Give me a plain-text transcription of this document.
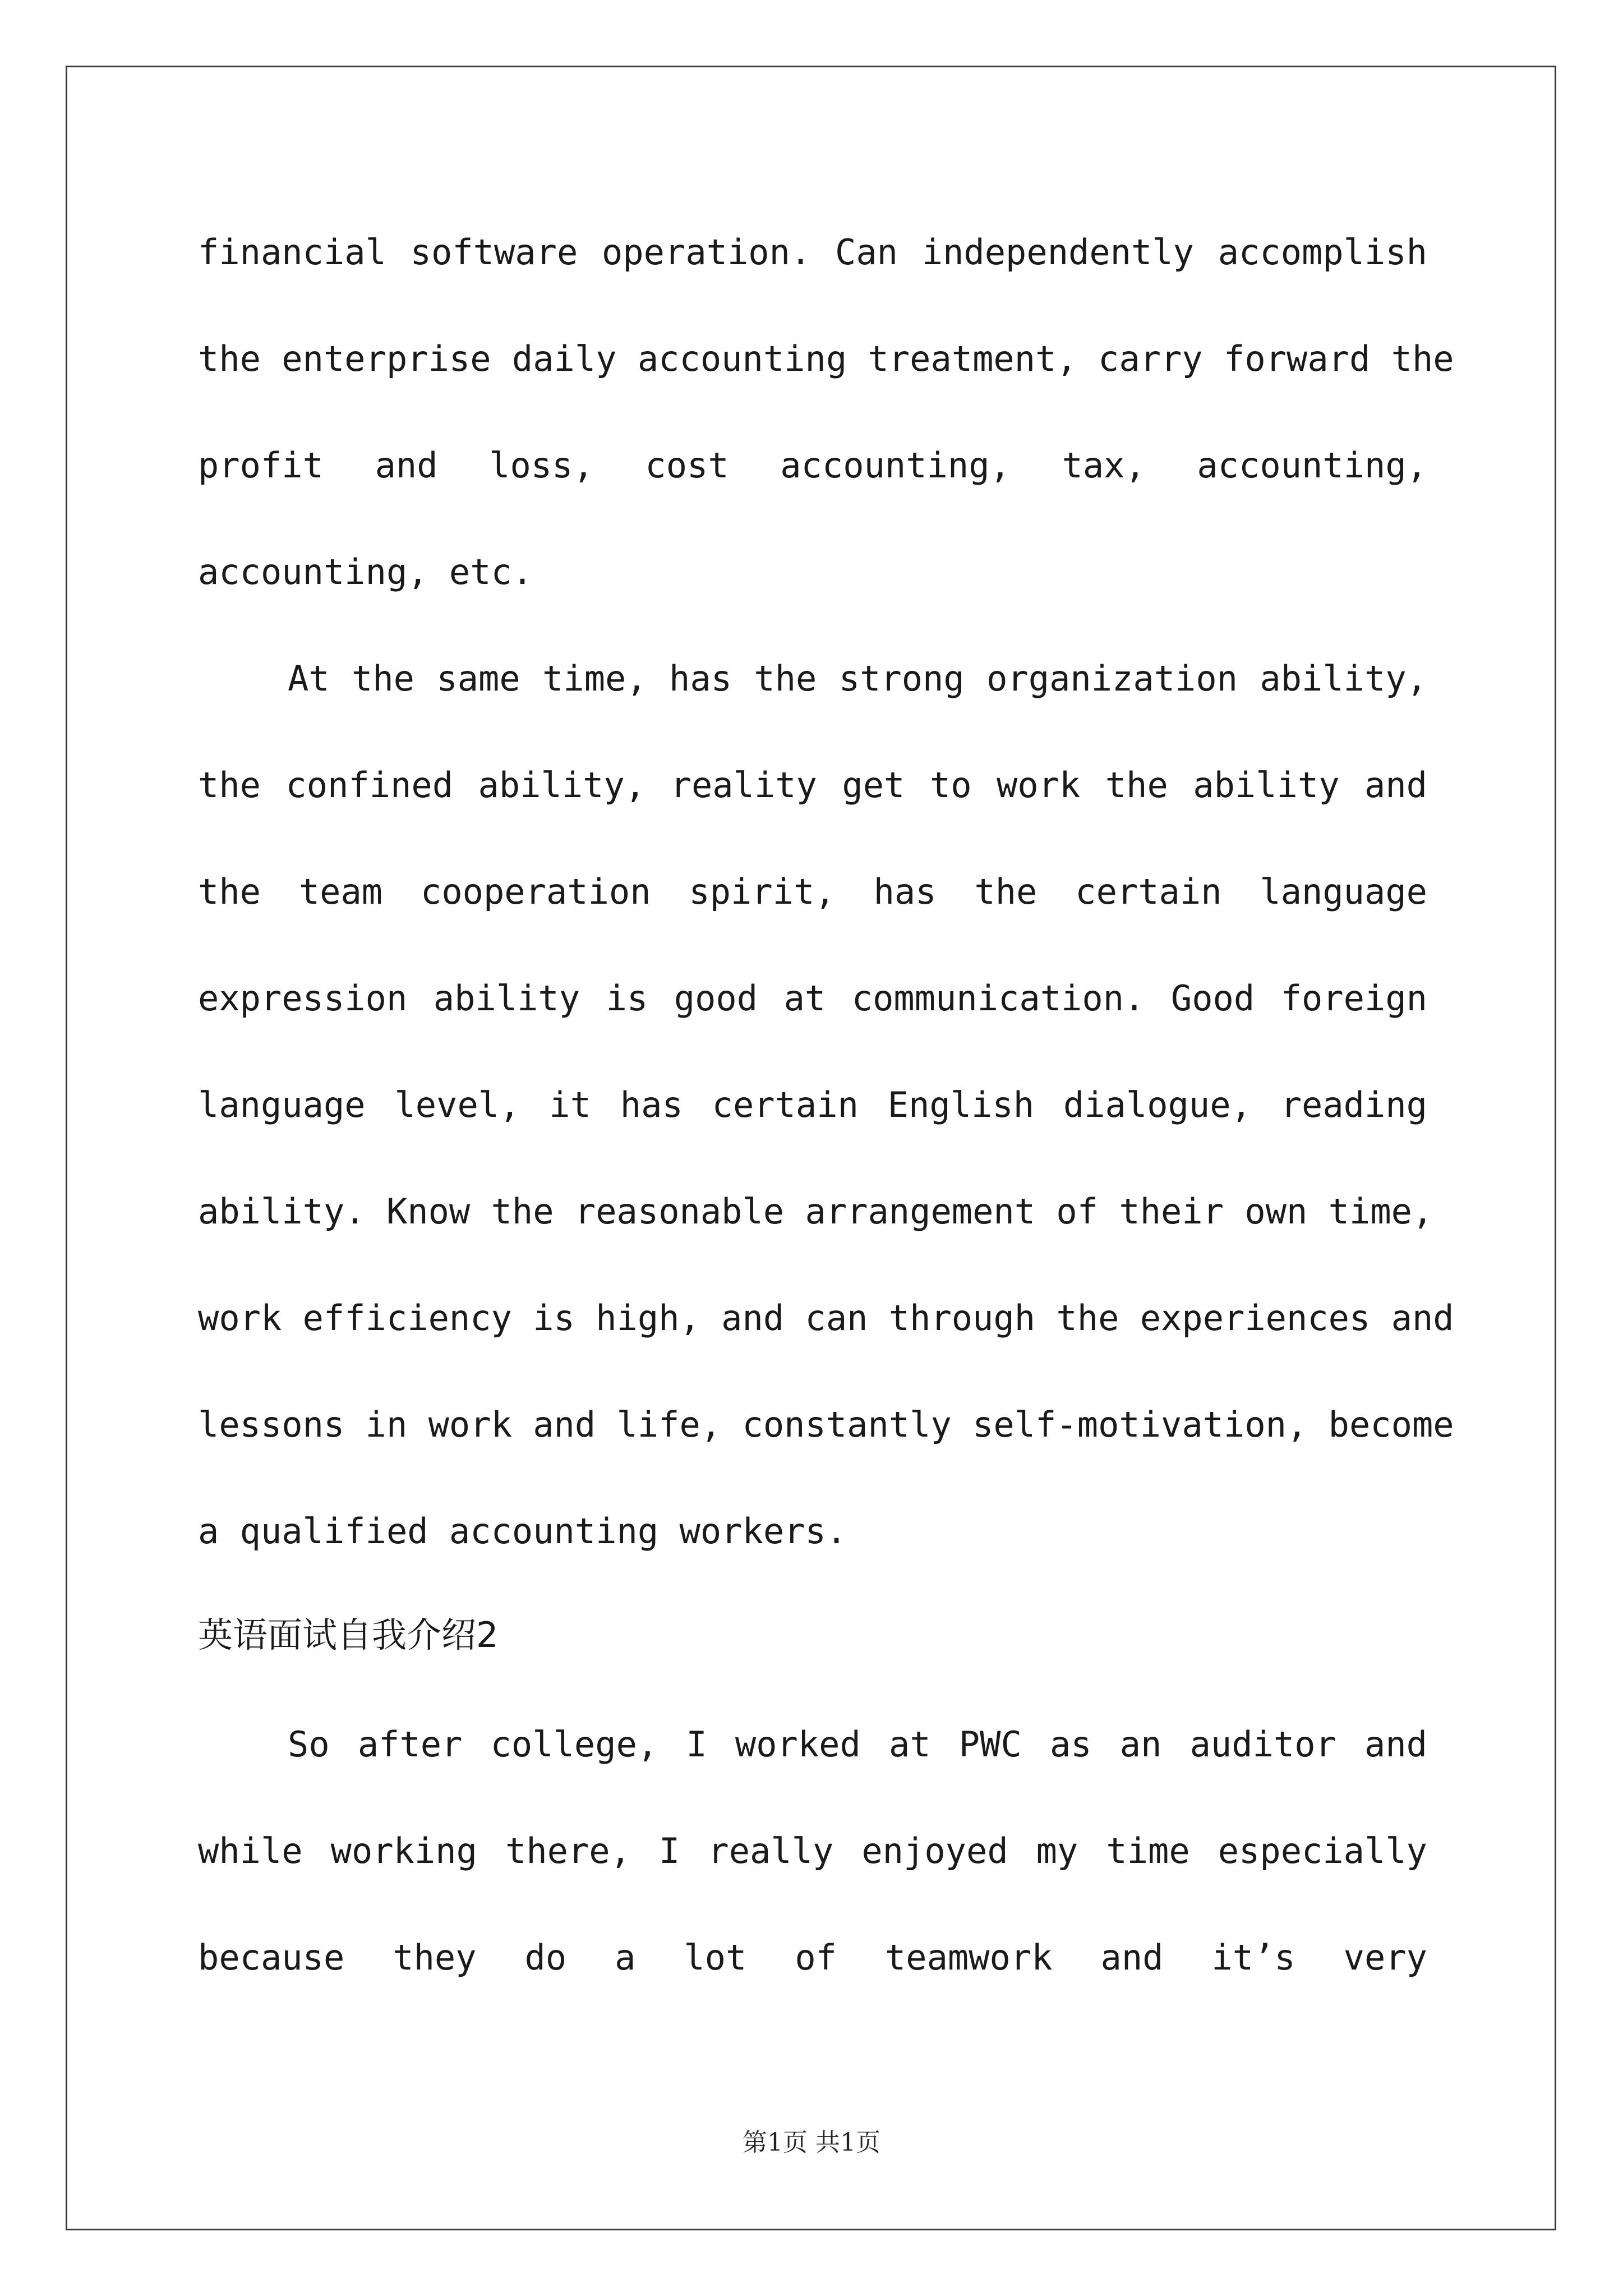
financial software operation. Can independently accomplish
the enterprise daily accounting treatment, carry forward the
profit and loss, cost accounting, tax, accounting,
accounting, etc.
At the same time, has the strong organization ability,
the confined ability, reality get to work the ability and
the team cooperation spirit, has the certain language
expression ability is good at communication. Good foreign
language level, it has certain English dialogue, reading
ability. Know the reasonable arrangement of their own time,
work efficiency is high, and can through the experiences and
lessons in work and life, constantly self-motivation, become
a qualified accounting workers.
英语面试自我介绍2
So after college, I worked at PWC as an auditor and
while working there, I really enjoyed my time especially
because they do a lot of teamwork and it’s very
第1页 共1页
